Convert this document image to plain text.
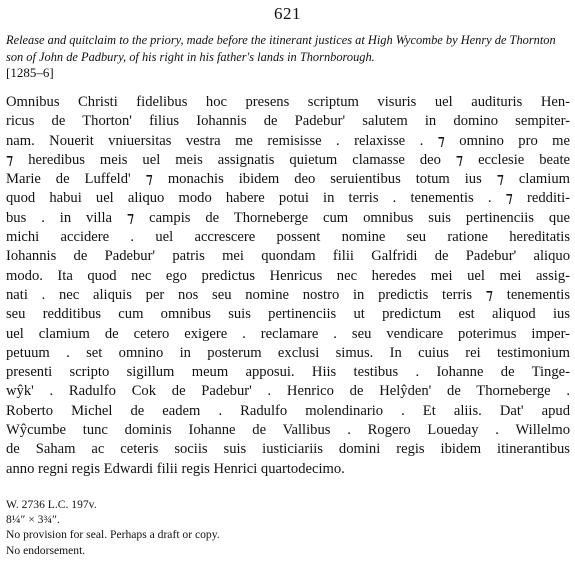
621
Release and quitclaim to the priory, made before the itinerant justices at High Wycombe by Henry de Thornton son of John de Padbury, of his right in his father's lands in Thornborough.
[1285–6]
Omnibus Christi fidelibus hoc presens scriptum visuris uel audituris Hen-
ricus de Thorton' filius Iohannis de Padebur' salutem in domino sempiter-
nam. Nouerit vniuersitas vestra me remisisse . relaxisse . ⁊ omnino pro me
⁊ heredibus meis uel meis assignatis quietum clamasse deo ⁊ ecclesie beate
Marie de Luffeld' ⁊ monachis ibidem deo seruientibus totum ius ⁊ clamium
quod habui uel aliquo modo habere potui in terris . tenementis . ⁊ redditi-
bus . in villa ⁊ campis de Thorneberge cum omnibus suis pertinenciis que
michi accidere . uel accrescere possent nomine seu ratione hereditatis
Iohannis de Padebur' patris mei quondam filii Galfridi de Padebur' aliquo
modo. Ita quod nec ego predictus Henricus nec heredes mei uel mei assig-
nati . nec aliquis per nos seu nomine nostro in predictis terris ⁊ tenementis
seu redditibus cum omnibus suis pertinenciis ut predictum est aliquod ius
uel clamium de cetero exigere . reclamare . seu vendicare poterimus imper-
petuum . set omnino in posterum exclusi simus. In cuius rei testimonium
presenti scripto sigillum meum apposui. Hiis testibus . Iohanne de Tinge-
wŷk' . Radulfo Cok de Padebur' . Henrico de Helŷden' de Thorneberge .
Roberto Michel de eadem . Radulfo molendinario . Et aliis. Dat' apud
Wŷcumbe tunc dominis Iohanne de Vallibus . Rogero Loueday . Willelmo
de Saham ac ceteris sociis suis iusticiariis domini regis ibidem itinerantibus
anno regni regis Edwardi filii regis Henrici quartodecimo.
W. 2736 L.C. 197v.
8¼″ × 3¾″.
No provision for seal. Perhaps a draft or copy.
No endorsement.
